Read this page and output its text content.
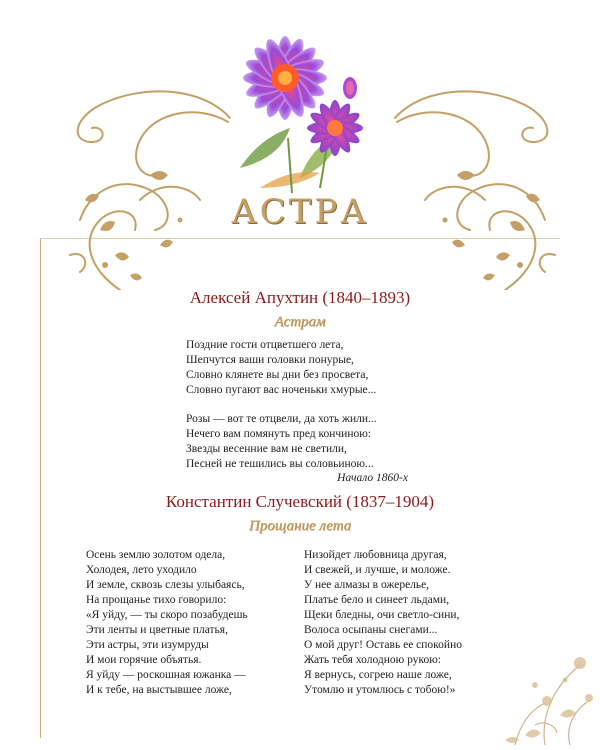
АСТРА
Алексей Апухтин (1840–1893)
Астрам
Поздние гости отцветшего лета,
Шепчутся ваши головки понурые,
Словно клянете вы дни без просвета,
Словно пугают вас ноченьки хмурые...
Розы — вот те отцвели, да хоть жили...
Нечего вам помянуть пред кончиною:
Звезды весенние вам не светили,
Песней не тешились вы соловьиною...
Начало 1860-х
Константин Случевский (1837–1904)
Прощание лета
Осень землю золотом одела,
Холодея, лето уходило
И земле, сквозь слезы улыбаясь,
На прощанье тихо говорило:
«Я уйду, — ты скоро позабудешь
Эти ленты и цветные платья,
Эти астры, эти изумруды
И мои горячие объятья.
Я уйду — роскошная южанка —
И к тебе, на выстывшее ложе,
Низойдет любовница другая,
И свежей, и лучше, и моложе.
У нее алмазы в ожерелье,
Платье бело и синеет льдами,
Щеки бледны, очи светло-сини,
Волоса осыпаны снегами...
О мой друг! Оставь ее спокойно
Жать тебя холодною рукою:
Я вернусь, согрею наше ложе,
Утомлю и утомлюсь с тобою!»
